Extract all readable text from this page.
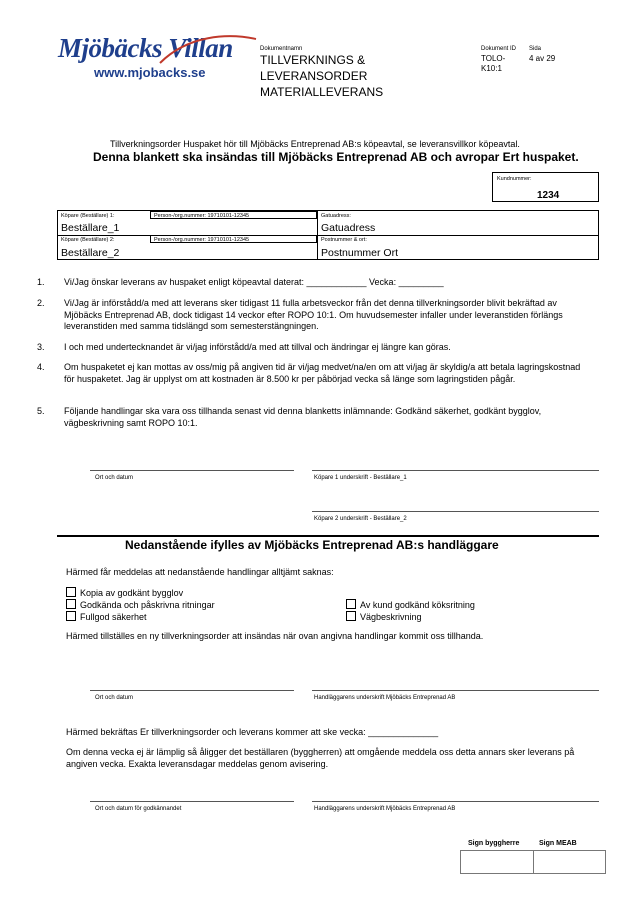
Mjöbäcks Villan
www.mjobacks.se
Dokumentnamn
TILLVERKNINGS &
LEVERANSORDER
MATERIALLEVERANS
Dokument ID
TOLO-
K10:1
Sida
4 av 29
Tillverkningsorder Huspaket hör till Mjöbäcks Entreprenad AB:s köpeavtal, se leveransvillkor köpeavtal.
Denna blankett ska insändas till Mjöbäcks Entreprenad AB och avropar Ert huspaket.
Kundnummer:
1234
Köpare (Beställare) 1:	Person-/org.nummer: 19710101-12345	Gatuadress:
Beställare_1	Gatuadress
Köpare (Beställare) 2:	Person-/org.nummer: 19710101-12345	Postnummer & ort:
Beställare_2	Postnummer Ort
1. Vi/Jag önskar leverans av huspaket enligt köpeavtal daterat: ____________ Vecka: _________
2. Vi/Jag är införstådd/a med att leverans sker tidigast 11 fulla arbetsveckor från det denna tillverkningsorder blivit bekräftad av Mjöbäcks Entreprenad AB, dock tidigast 14 veckor efter ROPO 10:1. Om huvudsemester infaller under leveranstiden förlängs leveranstiden med samma tidslängd som semesterstängningen.
3. I och med undertecknandet är vi/jag införstådd/a med att tillval och ändringar ej längre kan göras.
4. Om huspaketet ej kan mottas av oss/mig på angiven tid är vi/jag medvet/na/en om att vi/jag är skyldig/a att betala lagringskostnad för huspaketet. Jag är upplyst om att kostnaden är 8.500 kr per påbörjad vecka så länge som lagringstiden pågår.
5. Följande handlingar ska vara oss tillhanda senast vid denna blanketts inlämnande: Godkänd säkerhet, godkänt bygglov, vägbeskrivning samt ROPO 10:1.
Ort och datum	Köpare 1 underskrift - Beställare_1
Köpare 2 underskrift - Beställare_2
Nedanstående ifylles av Mjöbäcks Entreprenad AB:s handläggare
Härmed får meddelas att nedanstående handlingar alltjämt saknas:
Kopia av godkänt bygglov
Godkända och påskrivna ritningar
Fullgod säkerhet
Av kund godkänd köksritning
Vägbeskrivning
Härmed tillställes en ny tillverkningsorder att insändas när ovan angivna handlingar kommit oss tillhanda.
Ort och datum	Handläggarens underskrift Mjöbäcks Entreprenad AB
Härmed bekräftas Er tillverkningsorder och leverans kommer att ske vecka: ______________
Om denna vecka ej är lämplig så åligger det beställaren (byggherren) att omgående meddela oss detta annars sker leverans på angiven vecka. Exakta leveransdagar meddelas genom avisering.
Ort och datum för godkännandet	Handläggarens underskrift Mjöbäcks Entreprenad AB
Sign byggherre	Sign MEAB
